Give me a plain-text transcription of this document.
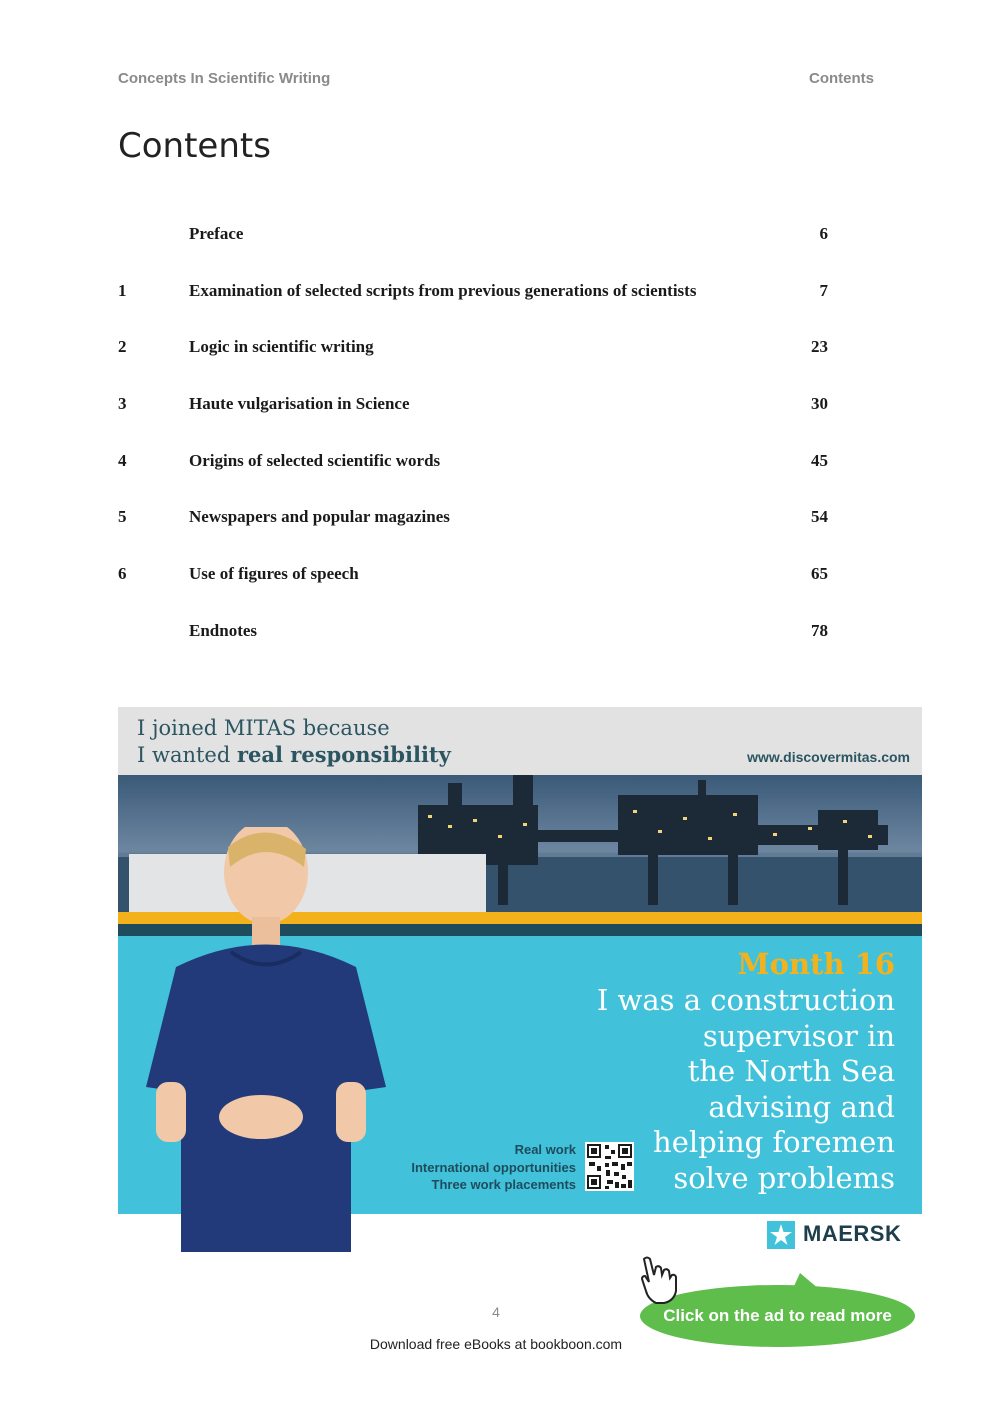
Concepts In Scientific Writing	Contents
Contents
Preface	6
1	Examination of selected scripts from previous generations of scientists	7
2	Logic in scientific writing	23
3	Haute vulgarisation in Science	30
4	Origins of selected scientific words	45
5	Newspapers and popular magazines	54
6	Use of figures of speech	65
Endnotes	78
I joined MITAS because
I wanted real responsibility	www.discovermitas.com
Month 16
I was a construction
supervisor in
the North Sea
advising and
helping foremen
solve problems
Real work
International opportunities
Three work placements
MAERSK
Click on the ad to read more
4
Download free eBooks at bookboon.com
